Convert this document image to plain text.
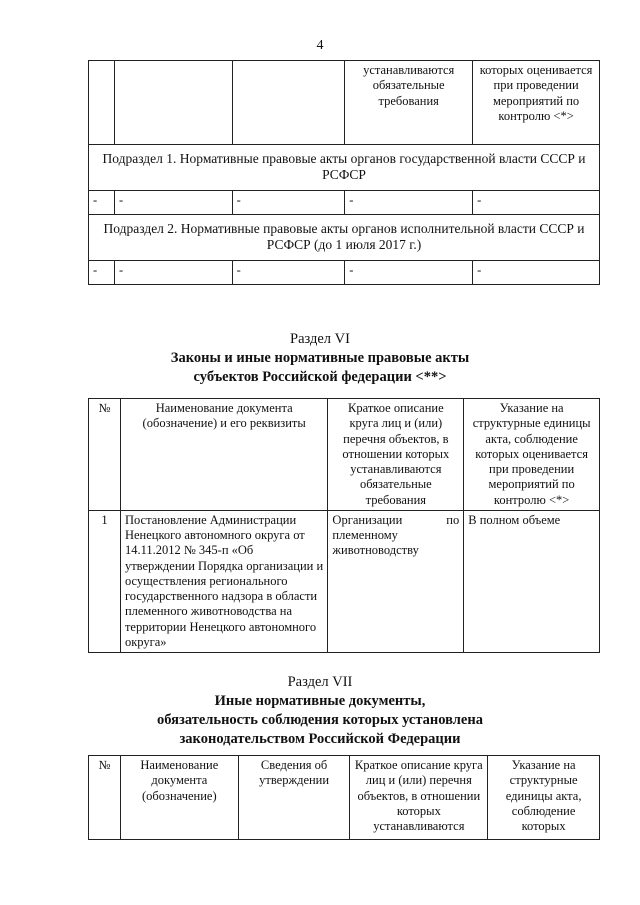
4
			устанавливаются обязательные требования	которых оценивается при проведении мероприятий по контролю <*>
Подраздел 1. Нормативные правовые акты органов государственной власти СССР и РСФСР				
-	-	-	-	-
Подраздел 2. Нормативные правовые акты органов исполнительной власти СССР и РСФСР (до 1 июля 2017 г.)				
-	-	-	-	-
Раздел VI
Законы и иные нормативные правовые акты
субъектов Российской федерации <**>
№	Наименование документа (обозначение) и его реквизиты	Краткое описание круга лиц и (или) перечня объектов, в отношении которых устанавливаются обязательные требования	Указание на структурные единицы акта, соблюдение которых оценивается при проведении мероприятий по контролю <*>
1	Постановление Администрации Ненецкого автономного округа от 14.11.2012 № 345-п «Об утверждении Порядка организации и осуществления регионального государственного надзора в области племенного животноводства на территории Ненецкого автономного округа»	Организации по племенному животноводству	В полном объеме
Раздел VII
Иные нормативные документы,
обязательность соблюдения которых установлена
законодательством Российской Федерации
№	Наименование документа (обозначение)	Сведения об утверждении	Краткое описание круга лиц и (или) перечня объектов, в отношении которых устанавливаются	Указание на структурные единицы акта, соблюдение которых
